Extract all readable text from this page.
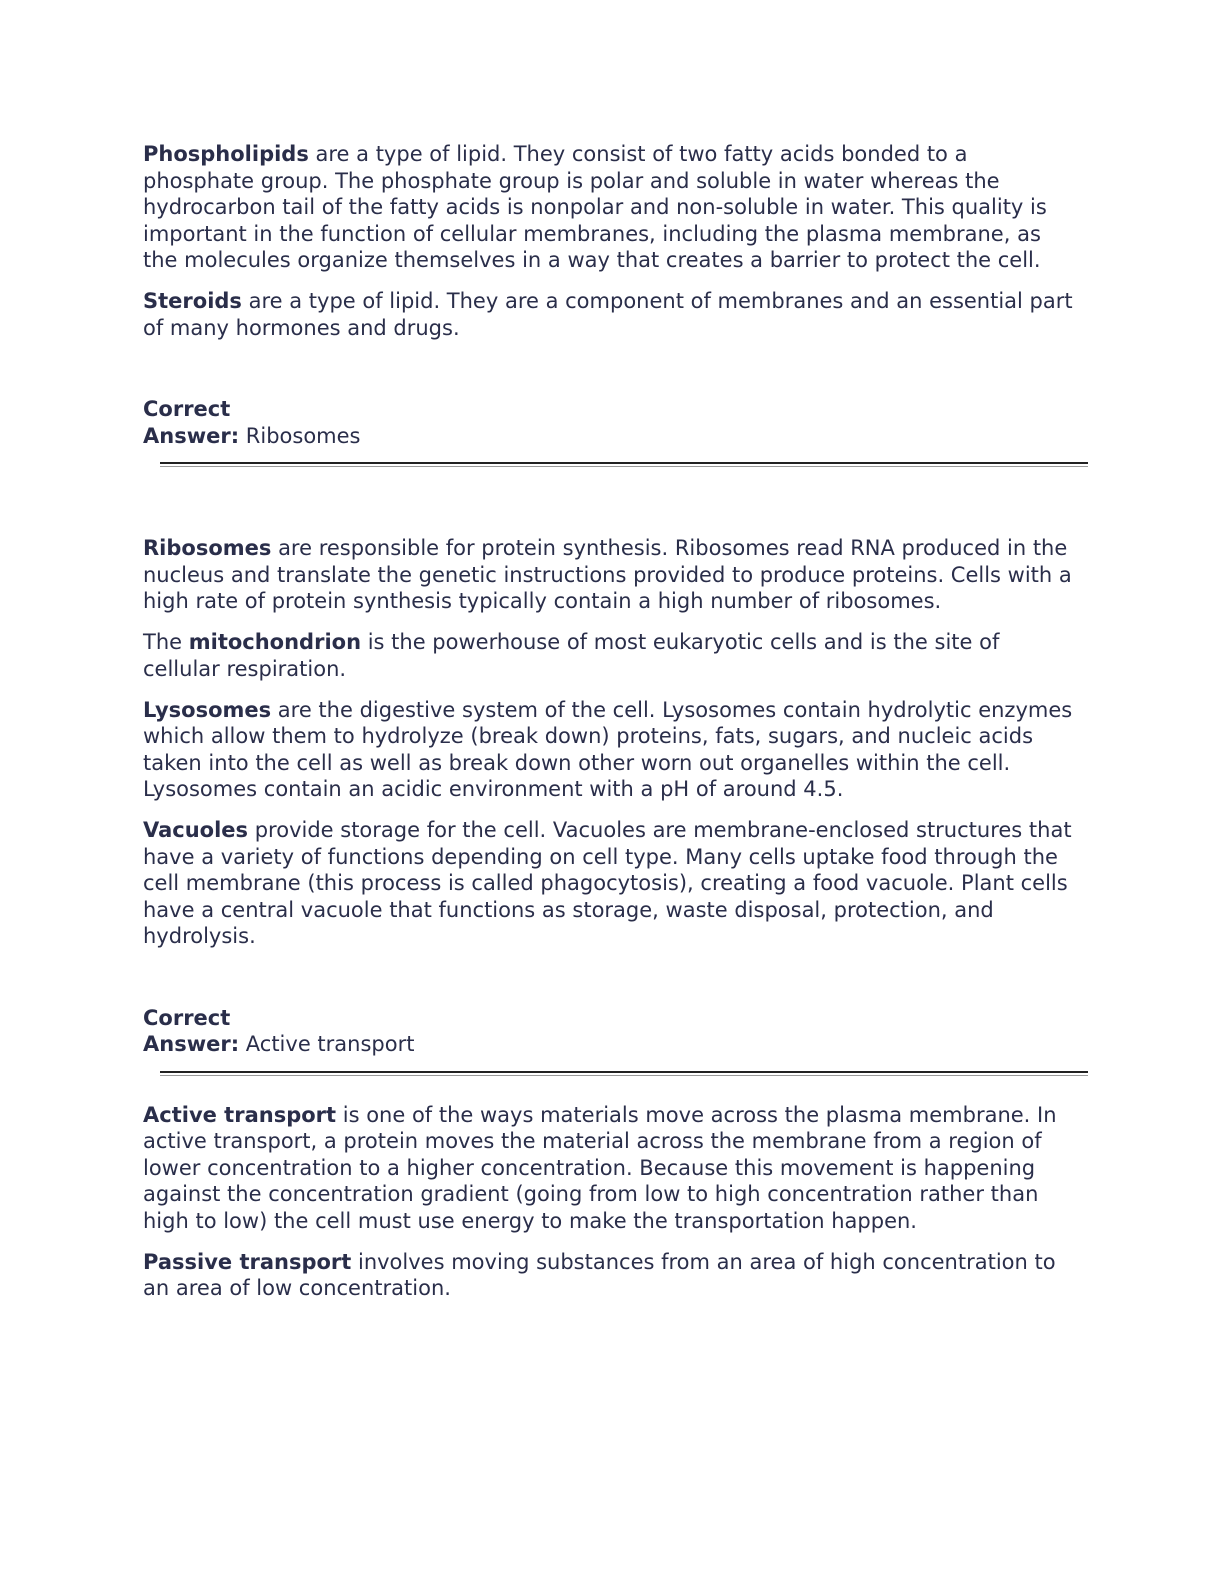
Phospholipids are a type of lipid. They consist of two fatty acids bonded to a phosphate group. The phosphate group is polar and soluble in water whereas the hydrocarbon tail of the fatty acids is nonpolar and non-soluble in water. This quality is important in the function of cellular membranes, including the plasma membrane, as the molecules organize themselves in a way that creates a barrier to protect the cell.

Steroids are a type of lipid. They are a component of membranes and an essential part of many hormones and drugs.

Correct
Answer: Ribosomes

Ribosomes are responsible for protein synthesis. Ribosomes read RNA produced in the nucleus and translate the genetic instructions provided to produce proteins. Cells with a high rate of protein synthesis typically contain a high number of ribosomes.

The mitochondrion is the powerhouse of most eukaryotic cells and is the site of cellular respiration.

Lysosomes are the digestive system of the cell. Lysosomes contain hydrolytic enzymes which allow them to hydrolyze (break down) proteins, fats, sugars, and nucleic acids taken into the cell as well as break down other worn out organelles within the cell. Lysosomes contain an acidic environment with a pH of around 4.5.

Vacuoles provide storage for the cell. Vacuoles are membrane-enclosed structures that have a variety of functions depending on cell type. Many cells uptake food through the cell membrane (this process is called phagocytosis), creating a food vacuole. Plant cells have a central vacuole that functions as storage, waste disposal, protection, and hydrolysis.

Correct
Answer: Active transport

Active transport is one of the ways materials move across the plasma membrane. In active transport, a protein moves the material across the membrane from a region of lower concentration to a higher concentration. Because this movement is happening against the concentration gradient (going from low to high concentration rather than high to low) the cell must use energy to make the transportation happen.

Passive transport involves moving substances from an area of high concentration to an area of low concentration.
